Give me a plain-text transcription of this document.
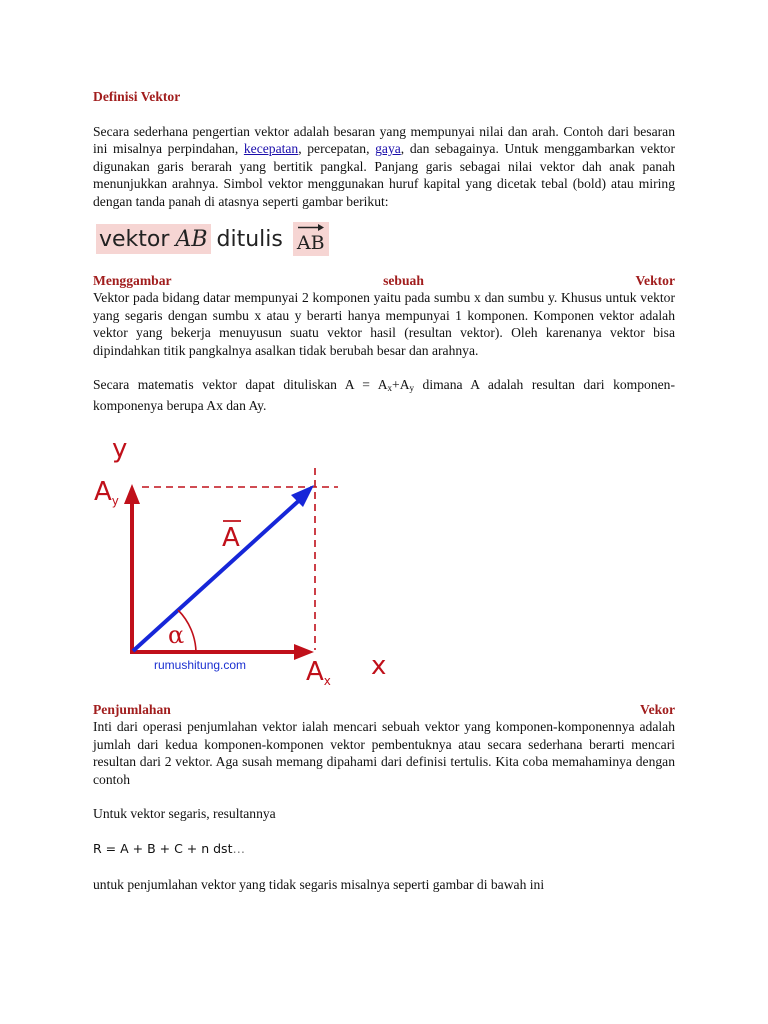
Definisi Vektor

Secara sederhana pengertian vektor adalah besaran yang mempunyai nilai dan arah. Contoh dari besaran ini misalnya perpindahan, kecepatan, percepatan, gaya, dan sebagainya. Untuk menggambarkan vektor digunakan garis berarah yang bertitik pangkal. Panjang garis sebagai nilai vektor dah anak panah menunjukkan arahnya. Simbol vektor menggunakan huruf kapital yang dicetak tebal (bold) atau miring dengan tanda panah di atasnya seperti gambar berikut:

vektor AB ditulis AB
Menggambar	sebuah	Vektor

Vektor pada bidang datar mempunyai 2 komponen yaitu pada sumbu x dan sumbu y. Khusus untuk vektor yang segaris dengan sumbu x atau y berarti hanya mempunyai 1 komponen. Komponen vektor adalah vektor yang bekerja menuyusun suatu vektor hasil (resultan vektor). Oleh karenanya vektor bisa dipindahkan titik pangkalnya asalkan tidak berubah besar dan arahnya.

Secara matematis vektor dapat dituliskan $A = A_x+A_y$ dimana A adalah resultan dari komponen-komponenya berupa Ax dan Ay.

y
Ay
A
α
rumushitung.com Ax x
Penjumlahan	Vekor

Inti dari operasi penjumlahan vektor ialah mencari sebuah vektor yang komponen-komponennya adalah jumlah dari kedua komponen-komponen vektor pembentuknya atau secara sederhana berarti mencari resultan dari 2 vektor. Aga susah memang dipahami dari definisi tertulis. Kita coba memahaminya dengan contoh

Untuk vektor segaris, resultannya

R = A + B + C + n dst…

untuk penjumlahan vektor yang tidak segaris misalnya seperti gambar di bawah ini
